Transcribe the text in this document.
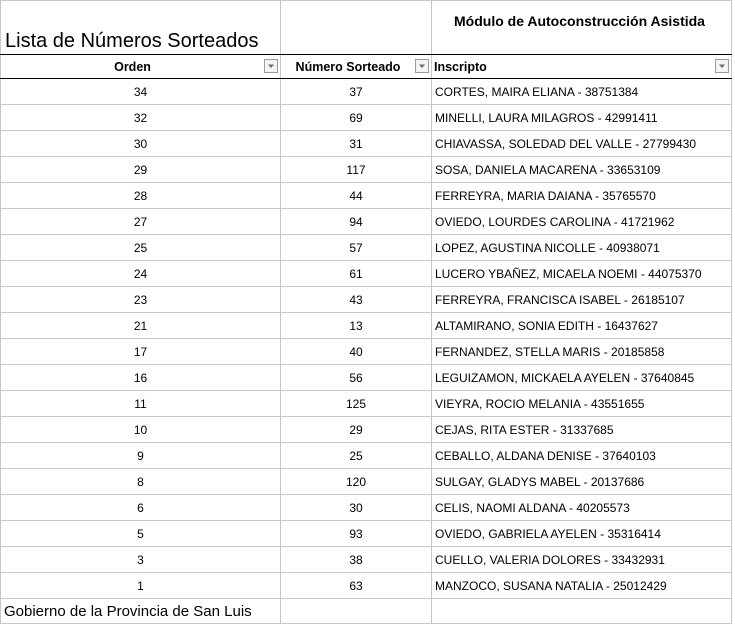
Lista de Números Sorteados		Módulo de Autoconstrucción Asistida

Orden	Número Sorteado	Inscripto

34	37	CORTES, MAIRA ELIANA - 38751384
32	69	MINELLI, LAURA MILAGROS - 42991411
30	31	CHIAVASSA, SOLEDAD DEL VALLE - 27799430
29	117	SOSA, DANIELA MACARENA - 33653109
28	44	FERREYRA, MARIA DAIANA - 35765570
27	94	OVIEDO, LOURDES CAROLINA - 41721962
25	57	LOPEZ, AGUSTINA NICOLLE - 40938071
24	61	LUCERO YBAÑEZ, MICAELA NOEMI - 44075370
23	43	FERREYRA, FRANCISCA ISABEL - 26185107
21	13	ALTAMIRANO, SONIA EDITH - 16437627
17	40	FERNANDEZ, STELLA MARIS - 20185858
16	56	LEGUIZAMON, MICKAELA AYELEN - 37640845
11	125	VIEYRA, ROCIO MELANIA - 43551655
10	29	CEJAS, RITA ESTER - 31337685
9	25	CEBALLO, ALDANA DENISE - 37640103
8	120	SULGAY, GLADYS MABEL - 20137686
6	30	CELIS, NAOMI ALDANA - 40205573
5	93	OVIEDO, GABRIELA AYELEN - 35316414
3	38	CUELLO, VALERIA DOLORES - 33432931
1	63	MANZOCO, SUSANA NATALIA - 25012429
Gobierno de la Provincia de San Luis		
